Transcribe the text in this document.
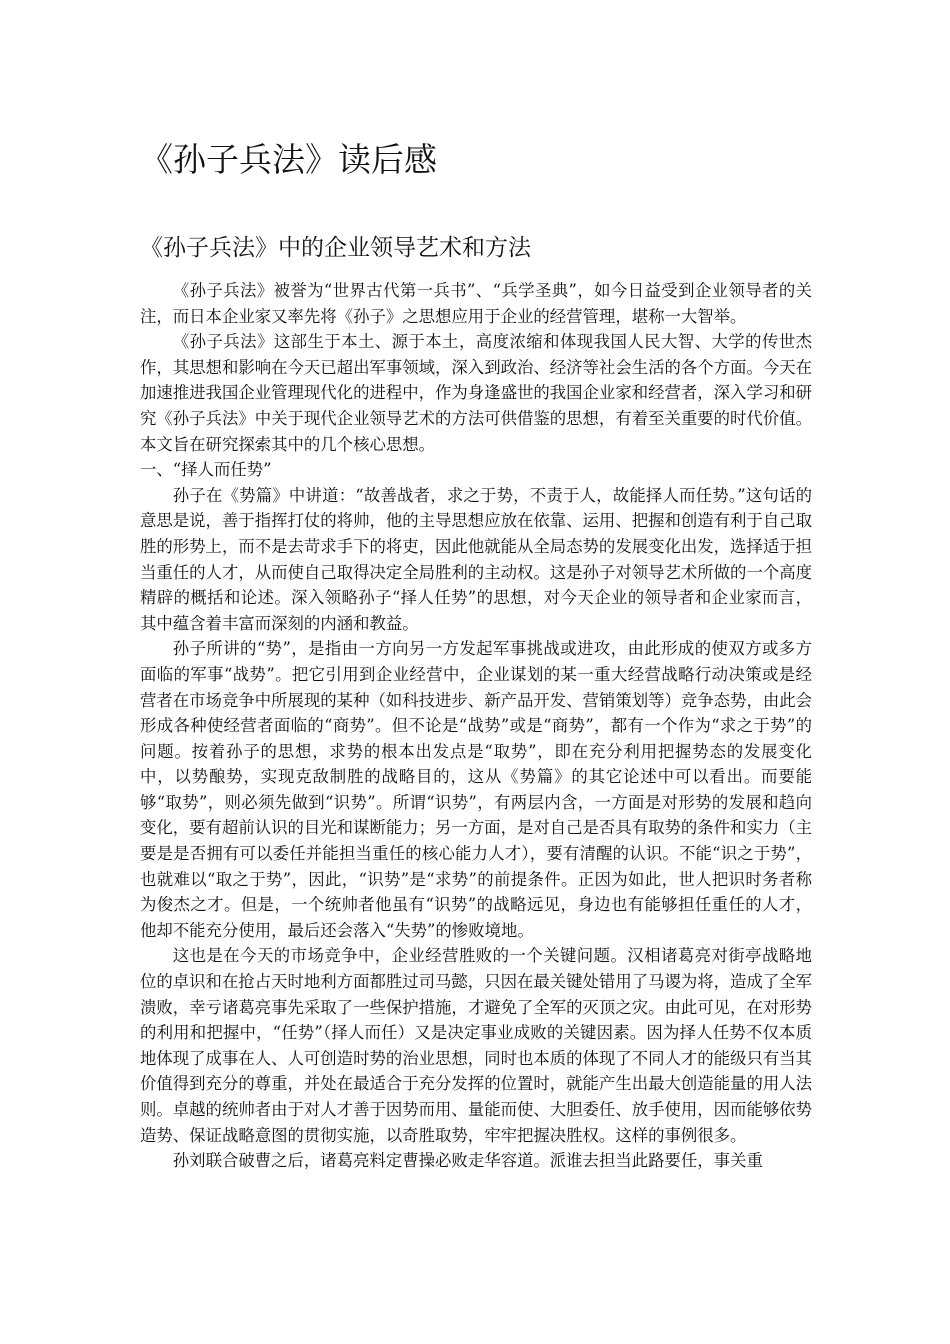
《孙子兵法》读后感
《孙子兵法》中的企业领导艺术和方法

《孙子兵法》被誉为“世界古代第一兵书”、“兵学圣典”，如今日益受到企业领导者的关注，而日本企业家又率先将《孙子》之思想应用于企业的经营管理，堪称一大智举。

《孙子兵法》这部生于本土、源于本土，高度浓缩和体现我国人民大智、大学的传世杰作，其思想和影响在今天已超出军事领域，深入到政治、经济等社会生活的各个方面。今天在加速推进我国企业管理现代化的进程中，作为身逢盛世的我国企业家和经营者，深入学习和研究《孙子兵法》中关于现代企业领导艺术的方法可供借鉴的思想，有着至关重要的时代价值。本文旨在研究探索其中的几个核心思想。

一、“择人而任势”

孙子在《势篇》中讲道：“故善战者，求之于势，不责于人，故能择人而任势。”这句话的意思是说，善于指挥打仗的将帅，他的主导思想应放在依靠、运用、把握和创造有利于自己取胜的形势上，而不是去苛求手下的将吏，因此他就能从全局态势的发展变化出发，选择适于担当重任的人才，从而使自己取得决定全局胜利的主动权。这是孙子对领导艺术所做的一个高度精辟的概括和论述。深入领略孙子“择人任势”的思想，对今天企业的领导者和企业家而言，其中蕴含着丰富而深刻的内涵和教益。

孙子所讲的“势”，是指由一方向另一方发起军事挑战或进攻，由此形成的使双方或多方面临的军事“战势”。把它引用到企业经营中，企业谋划的某一重大经营战略行动决策或是经营者在市场竞争中所展现的某种（如科技进步、新产品开发、营销策划等）竞争态势，由此会形成各种使经营者面临的“商势”。但不论是“战势”或是“商势”，都有一个作为“求之于势”的问题。按着孙子的思想，求势的根本出发点是“取势”，即在充分利用把握势态的发展变化中，以势酿势，实现克敌制胜的战略目的，这从《势篇》的其它论述中可以看出。而要能够“取势”，则必须先做到“识势”。所谓“识势”，有两层内含，一方面是对形势的发展和趋向变化，要有超前认识的目光和谋断能力；另一方面，是对自己是否具有取势的条件和实力（主要是是否拥有可以委任并能担当重任的核心能力人才），要有清醒的认识。不能“识之于势”，也就难以“取之于势”，因此，“识势”是“求势”的前提条件。正因为如此，世人把识时务者称为俊杰之才。但是，一个统帅者他虽有“识势”的战略远见，身边也有能够担任重任的人才，他却不能充分使用，最后还会落入“失势”的惨败境地。

这也是在今天的市场竞争中，企业经营胜败的一个关键问题。汉相诸葛亮对街亭战略地位的卓识和在抢占天时地利方面都胜过司马懿，只因在最关键处错用了马谡为将，造成了全军溃败，幸亏诸葛亮事先采取了一些保护措施，才避免了全军的灭顶之灾。由此可见，在对形势的利用和把握中，“任势”（择人而任）又是决定事业成败的关键因素。因为择人任势不仅本质地体现了成事在人、人可创造时势的治业思想，同时也本质的体现了不同人才的能级只有当其价值得到充分的尊重，并处在最适合于充分发挥的位置时，就能产生出最大创造能量的用人法则。卓越的统帅者由于对人才善于因势而用、量能而使、大胆委任、放手使用，因而能够依势造势、保证战略意图的贯彻实施，以奇胜取势，牢牢把握决胜权。这样的事例很多。

孙刘联合破曹之后，诸葛亮料定曹操必败走华容道。派谁去担当此路要任，事关重
